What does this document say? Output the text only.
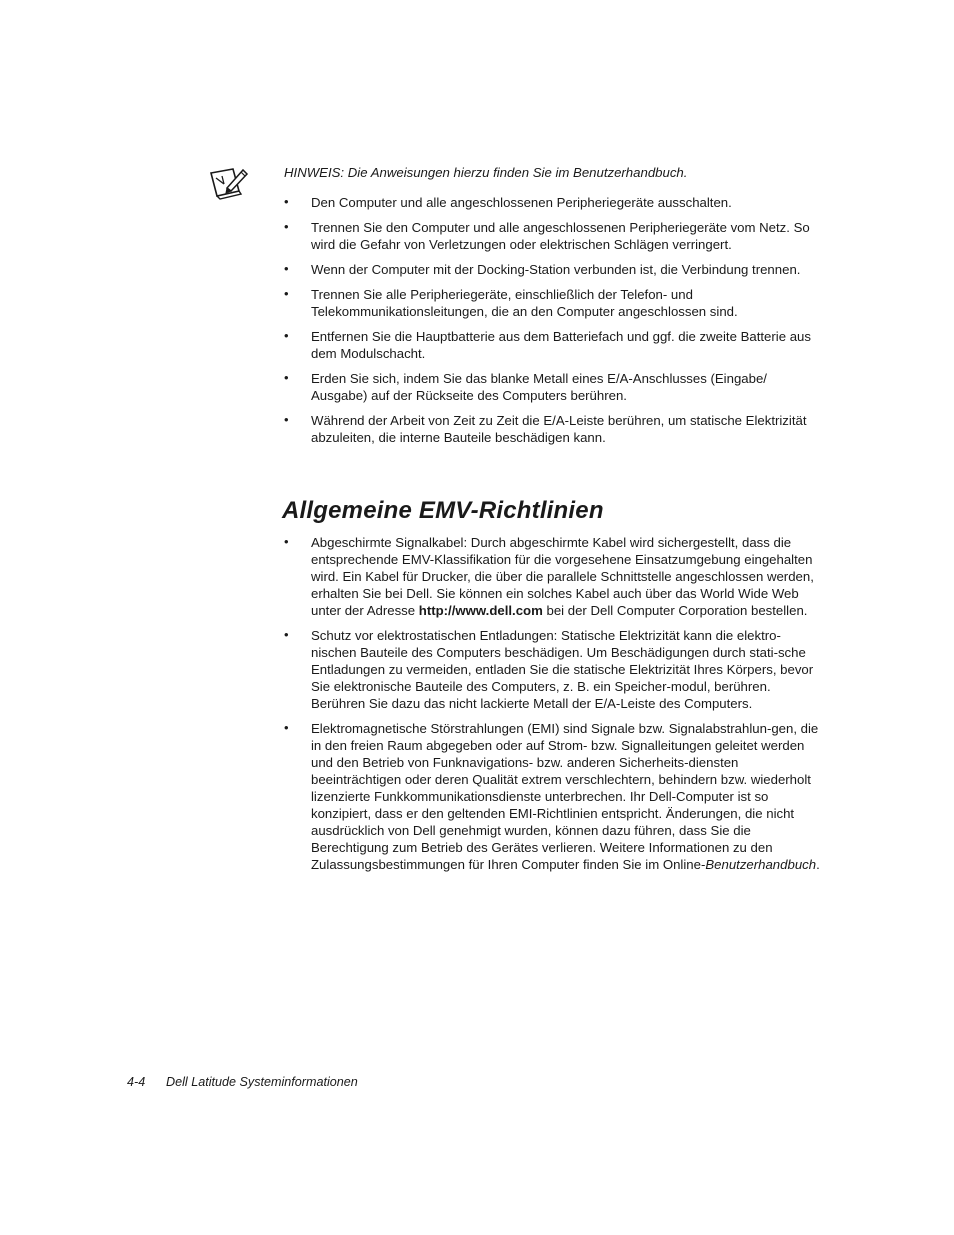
HINWEIS: Die Anweisungen hierzu finden Sie im Benutzerhandbuch.
• Den Computer und alle angeschlossenen Peripheriegeräte ausschalten.
• Trennen Sie den Computer und alle angeschlossenen Peripheriegeräte vom Netz. So wird die Gefahr von Verletzungen oder elektrischen Schlägen verringert.
• Wenn der Computer mit der Docking-Station verbunden ist, die Verbindung trennen.
• Trennen Sie alle Peripheriegeräte, einschließlich der Telefon- und Telekommunikationsleitungen, die an den Computer angeschlossen sind.
• Entfernen Sie die Hauptbatterie aus dem Batteriefach und ggf. die zweite Batterie aus dem Modulschacht.
• Erden Sie sich, indem Sie das blanke Metall eines E/A-Anschlusses (Eingabe/ Ausgabe) auf der Rückseite des Computers berühren.
• Während der Arbeit von Zeit zu Zeit die E/A-Leiste berühren, um statische Elektrizität abzuleiten, die interne Bauteile beschädigen kann.
Allgemeine EMV-Richtlinien
• Abgeschirmte Signalkabel: Durch abgeschirmte Kabel wird sichergestellt, dass die entsprechende EMV-Klassifikation für die vorgesehene Einsatzumgebung eingehalten wird. Ein Kabel für Drucker, die über die parallele Schnittstelle angeschlossen werden, erhalten Sie bei Dell. Sie können ein solches Kabel auch über das World Wide Web unter der Adresse http://www.dell.com bei der Dell Computer Corporation bestellen.
• Schutz vor elektrostatischen Entladungen: Statische Elektrizität kann die elektro-nischen Bauteile des Computers beschädigen. Um Beschädigungen durch stati-sche Entladungen zu vermeiden, entladen Sie die statische Elektrizität Ihres Körpers, bevor Sie elektronische Bauteile des Computers, z. B. ein Speicher-modul, berühren. Berühren Sie dazu das nicht lackierte Metall der E/A-Leiste des Computers.
• Elektromagnetische Störstrahlungen (EMI) sind Signale bzw. Signalabstrahlun-gen, die in den freien Raum abgegeben oder auf Strom- bzw. Signalleitungen geleitet werden und den Betrieb von Funknavigations- bzw. anderen Sicherheits-diensten beeinträchtigen oder deren Qualität extrem verschlechtern, behindern bzw. wiederholt lizenzierte Funkkommunikationsdienste unterbrechen. Ihr Dell-Computer ist so konzipiert, dass er den geltenden EMI-Richtlinien entspricht. Änderungen, die nicht ausdrücklich von Dell genehmigt wurden, können dazu führen, dass Sie die Berechtigung zum Betrieb des Gerätes verlieren. Weitere Informationen zu den Zulassungsbestimmungen für Ihren Computer finden Sie im Online-Benutzerhandbuch.
4-4 Dell Latitude Systeminformationen
